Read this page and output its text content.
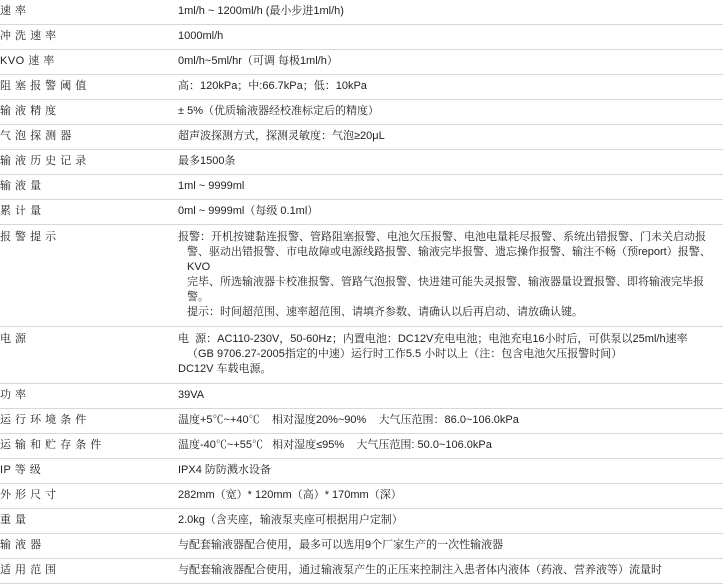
速 率	1ml/h ~ 1200ml/h (最小步进1ml/h)

冲 洗 速 率	1000ml/h

KVO 速 率	0ml/h~5ml/hr（可调 每极1ml/h）

阻 塞 报 警 阈 值	高：120kPa；中:66.7kPa；低：10kPa

输 液 精 度	± 5%（优质输液器经校准标定后的精度）

气 泡 探 测 器	超声波探测方式，探测灵敏度：气泡≥20μL

输 液 历 史 记 录	最多1500条

输 液 量	1ml ~ 9999ml

累 计 量	0ml ~ 9999ml（每级 0.1ml）

报 警 提 示	报警：开机按键黏连报警、管路阻塞报警、电池欠压报警、电池电量耗尽报警、系统出错报警、门未关启动报
警、驱动出错报警、市电故障或电源线路报警、输液完毕报警、遗忘操作报警、输注不畅（预report）报警、KVO
完毕、所选输液器卡校准报警、管路气泡报警、快进建可能失灵报警、输液器量设置报警、即将输液完毕报警。
提示：时间超范围、速率超范围、请填齐参数、请确认以后再启动、请放确认键。

电 源	电  源：AC110-230V，50-60Hz；内置电池：DC12V充电电池；电池充电16小时后，可供泵以25ml/h速率
（GB 9706.27-2005指定的中速）运行时工作5.5 小时以上（注：包含电池欠压报警时间）
DC12V 车载电源。

功 率	39VA

运 行 环 境 条 件	温度+5℃~+40℃    相对湿度20%~90%    大气压范围：86.0~106.0kPa

运 输 和 贮 存 条 件	温度-40℃~+55℃   相对湿度≤95%    大气压范围: 50.0~106.0kPa

IP 等 级	IPX4 防防溅水设备

外 形 尺 寸	282mm（宽）* 120mm（高）* 170mm（深）

重 量	2.0kg（含夹座，输液泵夹座可根据用户定制）

输 液 器	与配套输液器配合使用，最多可以选用9个厂家生产的一次性输液器

适 用 范 围	与配套输液器配合使用，通过输液泵产生的正压来控制注入患者体内液体（药液、营养液等）流量时
